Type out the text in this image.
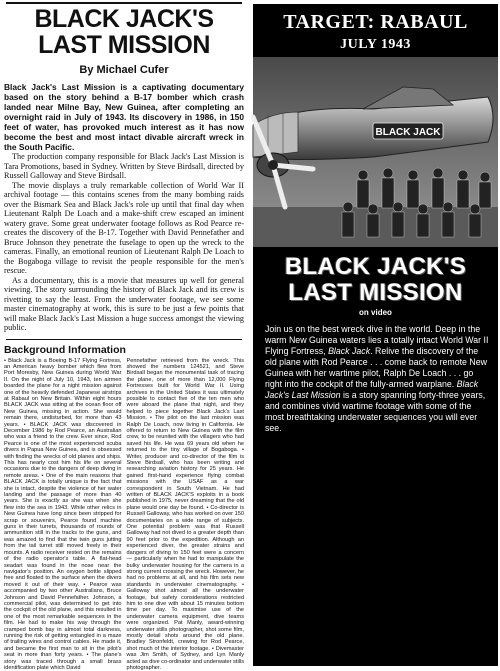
BLACK JACK'S LAST MISSION
By Michael Cufer

Black Jack's Last Mission is a captivating documentary based on the story behind a B-17 bomber which crash landed near Milne Bay, New Guinea, after completing an overnight raid in July of 1943. Its discovery in 1986, in 150 feet of water, has provoked much interest as it has now become the best and most intact divable aircraft wreck in the South Pacific.

The production company responsible for Black Jack's Last Mission is Tara Promotions, based in Sydney. Written by Steve Birdsall, directed by Russell Galloway and Steve Birdsall.

The movie displays a truly remarkable collection of World War II archival footage — this contains scenes from the many bombing raids over the Bismark Sea and Black Jack's role up until that final day when Lieutenant Ralph De Loach and a make-shift crew escaped an iminent watery grave. Some great underwater footage follows as Rod Pearce re-creates the discovery of the B-17. Together with David Pennefather and Bruce Johnson they penetrate the fuselage to open up the wreck to the cameras. Finally, an emotional reunion of Lieutenant Ralph De Loach to the Bogaboga village to revisit the people responsible for the men's rescue.

As a documentary, this is a movie that measures up well for general viewing. The story surrounding the history of Black Jack and its crew is rivetting to say the least. From the underwater footage, we see some master cinematography at work, this is sure to be just a few points that will make Black Jack's Last Mission a huge success amongst the viewing public.

Background Information
• Black Jack is a Boeing B-17 Flying Fortress, an American heavy bomber which flew from Port Moresby, New Guinea during World War II. On the night of July 10, 1943, ten airmen boarded the plane for a night mission against one of the heavily defended Japanese airstrips at Rabaul on New Britain. Within eight hours BLACK JACK was sitting at the ocean floor off New Guinea, missing in action. She would remain there, undisturbed, for more than 43 years. • BLACK JACK was discovered in December 1986 by Rod Pearce, an Australian who was a friend to the crew. Ever since, Rod Pearce is one of the most experienced scuba divers in Papua New Guinea, and is obsessed with finding the wrecks of old planes and ships. This has nearly cost him his life on several occasions due to the dangers of deep diving in remote areas. • One of the main reasons that BLACK JACK is totally unique is the fact that she is intact, despite the violence of her water landing and the passage of more than 40 years. She is exactly as she was when she flew into the sea in 1943. While other relics in New Guinea have long since been stripped for scrap or souvenirs, Pearce found machine guns in their turrets, thousands of rounds of ammunition still in the tracks to the guns, and was amazed to find that the twin guns jutting from the tail turret still moved freely in their mounts. A radio receiver rested on the remains of the radio operator's table. A flat-head seadart was found in the nose near the navigator's position. An oxygen bottle slipped free and floated to the surface when the divers moved it out of their way. • Pearce was accompanied by two other Australians, Bruce Johnson and David Pennefather. Johnson, a commercial pilot, was determined to get into the cockpit of the old plane, and this resulted in one of the most remarkable sequences in the film. He had to make his way through the cramped bomb bay in almost total darkness, running the risk of getting entangled in a maze of trailing wires and control cables. He made it, and became the first man to sit in the pilot's seat in more than forty years. • The plane's story was traced through a small brass identification plate which David
Pennefather retrieved from the wreck. This showed the numbers 124521, and Steve Birdsall began the monumental task of tracing the plane, one of more than 12,000 Flying Fortresses built for World War II. Using archives in the United States it was ultimately possible to contact five of the ten men who were aboard the plane that night, and they helped to piece together Black Jack's Last Mission. • The pilot on the last mission was Ralph De Loach, now living in California. He offered to return to New Guinea with the film crew, to be reunited with the villagers who had saved his life. He was 69 years old when he returned to the tiny village of Bogaboga. • Writer, producer and co-director of the film is Steve Birdsall, who has been writing and researching aviation history for 25 years. He gained first-hand experience flying combat missions with the USAF as a war correspondent in South Vietnam. He had written of BLACK JACK'S exploits in a book published in 1975, never dreaming that the old plane would one day be found. • Co-director is Russell Galloway, who has worked on over 150 documentaries on a wide range of subjects. One potential problem was that Russell Galloway had not dived to a greater depth than 90 feet prior to the expedition. Although an experienced diver, the greater strains and dangers of diving to 150 feet were a concern — particularly when he had to manipulate the bulky underwater housing for the camera in a strong current crossing the wreck. However, he had no problems at all, and his film sets new standards in underwater cinematography. • Galloway shot almost all the underwater footage, but safety considerations restricted him to one dive with about 15 minutes bottom time per day. To maximise use of the underwater camera equipment, dive teams were organized. Pat Manly, award-winning underwater stills photographer, shot some film, mostly detail shots around the old plane. Bradley Stronfeldt, crewing for Rod Pearce, shot much of the interior footage. • Divemaster was Jim Smith, of Sydney, and Lyn Manly acted as dive co-ordinator and underwater stills photographer.
TARGET: RABAUL
JULY 1943
BLACK JACK
BLACK JACK'S
LAST MISSION
on video

Join us on the best wreck dive in the world. Deep in the warm New Guinea waters lies a totally intact World War II Flying Fortress, Black Jack. Relive the discovery of the old plane with Rod Pearce . . . come back to remote New Guinea with her wartime pilot, Ralph De Loach . . . go right into the cockpit of the fully-armed warplane. Black Jack's Last Mission is a story spanning forty-three years, and combines vivid wartime footage with some of the most breathtaking underwater sequences you will ever see.
